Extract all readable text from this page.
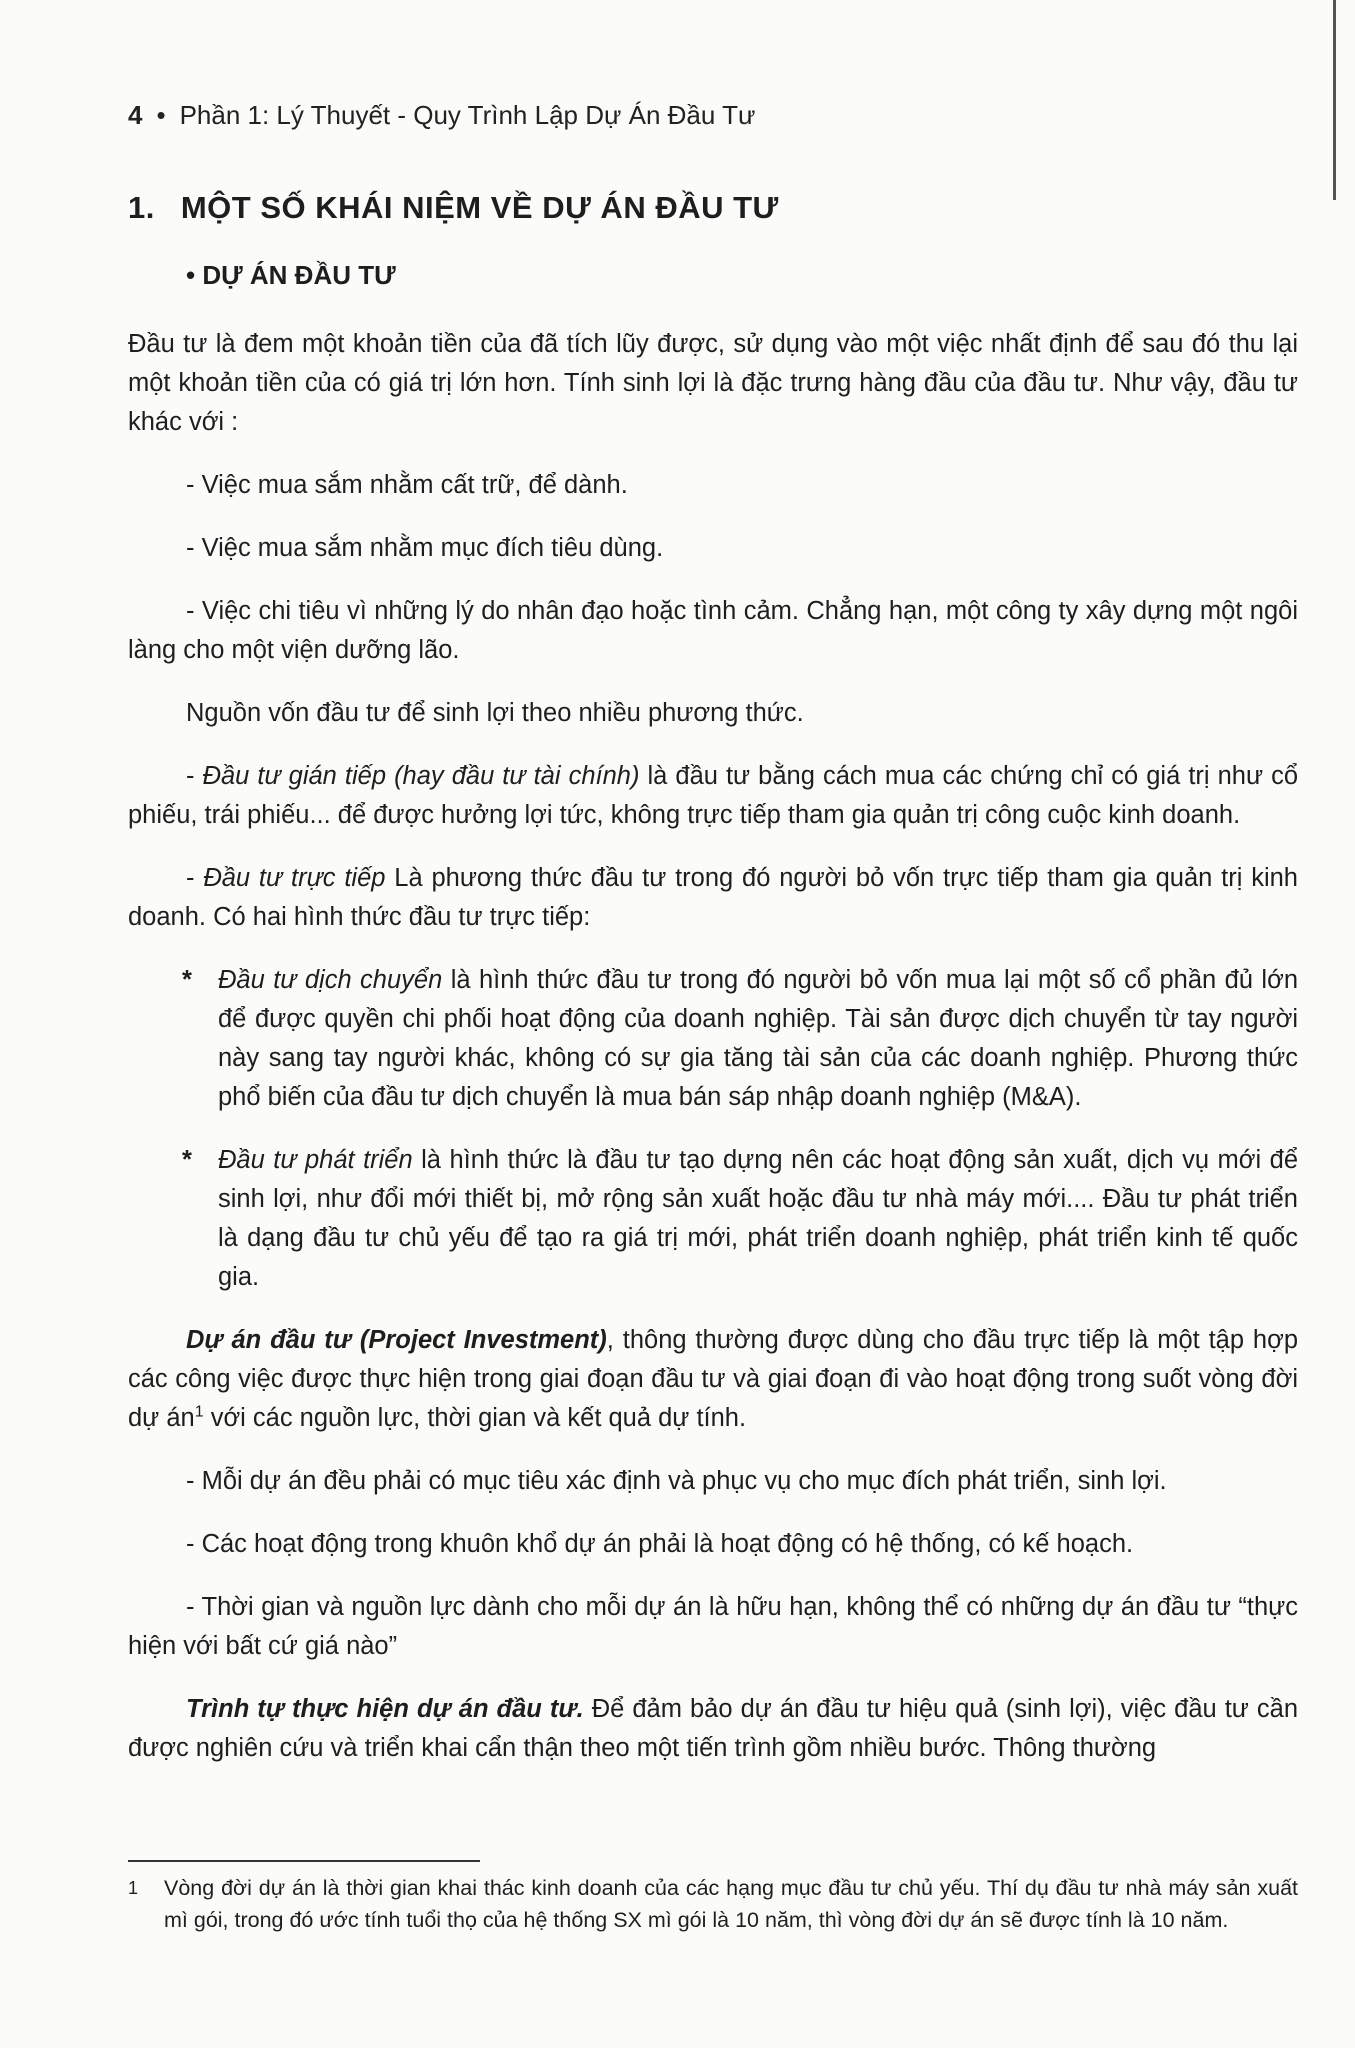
4 • Phần 1: Lý Thuyết - Quy Trình Lập Dự Án Đầu Tư

1. MỘT SỐ KHÁI NIỆM VỀ DỰ ÁN ĐẦU TƯ

• DỰ ÁN ĐẦU TƯ

Đầu tư là đem một khoản tiền của đã tích lũy được, sử dụng vào một việc nhất định để sau đó thu lại một khoản tiền của có giá trị lớn hơn. Tính sinh lợi là đặc trưng hàng đầu của đầu tư. Như vậy, đầu tư khác với :

- Việc mua sắm nhằm cất trữ, để dành.

- Việc mua sắm nhằm mục đích tiêu dùng.

- Việc chi tiêu vì những lý do nhân đạo hoặc tình cảm. Chẳng hạn, một công ty xây dựng một ngôi làng cho một viện dưỡng lão.

Nguồn vốn đầu tư để sinh lợi theo nhiều phương thức.

- Đầu tư gián tiếp (hay đầu tư tài chính) là đầu tư bằng cách mua các chứng chỉ có giá trị như cổ phiếu, trái phiếu... để được hưởng lợi tức, không trực tiếp tham gia quản trị công cuộc kinh doanh.

- Đầu tư trực tiếp Là phương thức đầu tư trong đó người bỏ vốn trực tiếp tham gia quản trị kinh doanh. Có hai hình thức đầu tư trực tiếp:

*	Đầu tư dịch chuyển là hình thức đầu tư trong đó người bỏ vốn mua lại một số cổ phần đủ lớn để được quyền chi phối hoạt động của doanh nghiệp. Tài sản được dịch chuyển từ tay người này sang tay người khác, không có sự gia tăng tài sản của các doanh nghiệp. Phương thức phổ biến của đầu tư dịch chuyển là mua bán sáp nhập doanh nghiệp (M&A).
*	Đầu tư phát triển là hình thức là đầu tư tạo dựng nên các hoạt động sản xuất, dịch vụ mới để sinh lợi, như đổi mới thiết bị, mở rộng sản xuất hoặc đầu tư nhà máy mới.... Đầu tư phát triển là dạng đầu tư chủ yếu để tạo ra giá trị mới, phát triển doanh nghiệp, phát triển kinh tế quốc gia.

Dự án đầu tư (Project Investment), thông thường được dùng cho đầu trực tiếp là một tập hợp các công việc được thực hiện trong giai đoạn đầu tư và giai đoạn đi vào hoạt động trong suốt vòng đời dự $án^1$ với các nguồn lực, thời gian và kết quả dự tính.

- Mỗi dự án đều phải có mục tiêu xác định và phục vụ cho mục đích phát triển, sinh lợi.

- Các hoạt động trong khuôn khổ dự án phải là hoạt động có hệ thống, có kế hoạch.

- Thời gian và nguồn lực dành cho mỗi dự án là hữu hạn, không thể có những dự án đầu tư “thực hiện với bất cứ giá nào”

Trình tự thực hiện dự án đầu tư. Để đảm bảo dự án đầu tư hiệu quả (sinh lợi), việc đầu tư cần được nghiên cứu và triển khai cẩn thận theo một tiến trình gồm nhiều bước. Thông thường

1	Vòng đời dự án là thời gian khai thác kinh doanh của các hạng mục đầu tư chủ yếu. Thí dụ đầu tư nhà máy sản xuất mì gói, trong đó ước tính tuổi thọ của hệ thống SX mì gói là 10 năm, thì vòng đời dự án sẽ được tính là 10 năm.
